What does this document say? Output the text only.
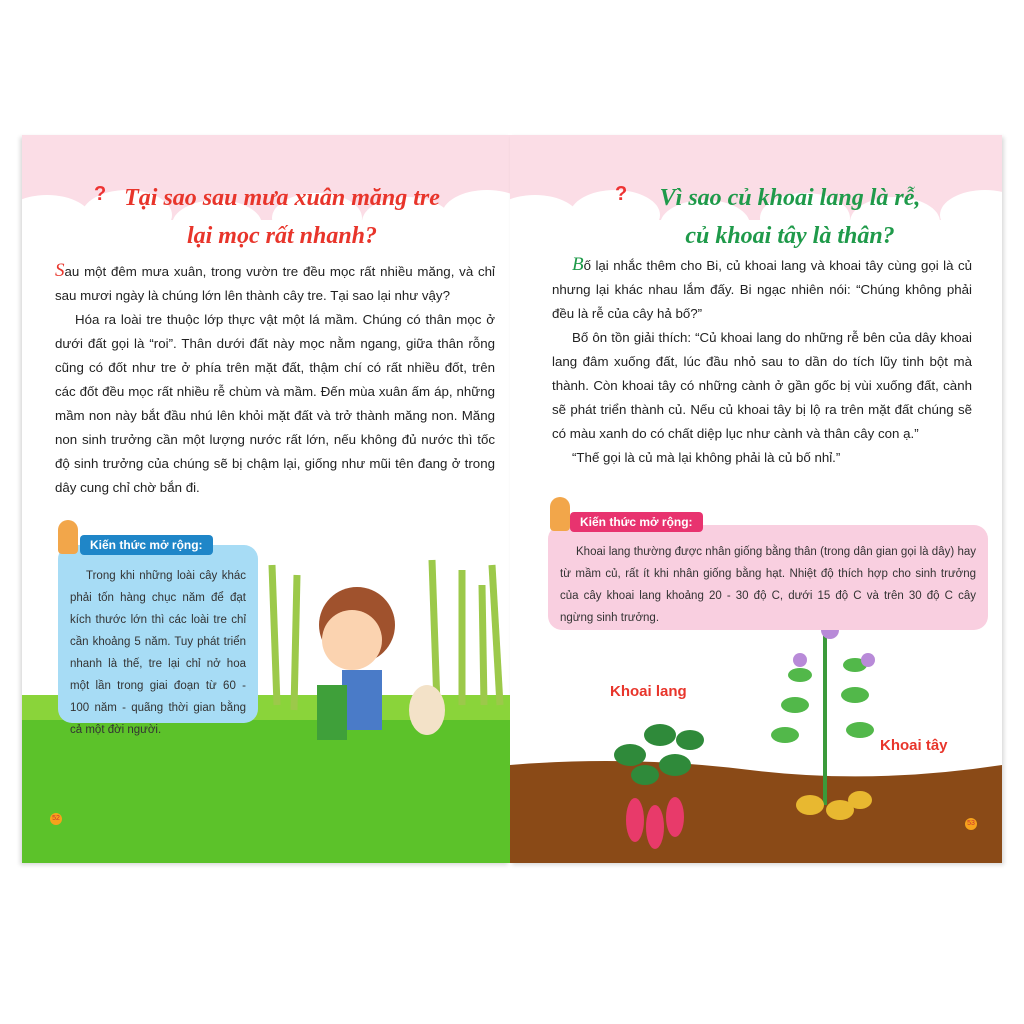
? Tại sao sau mưa xuân măng tre
lại mọc rất nhanh?

Sau một đêm mưa xuân, trong vườn tre đều mọc rất nhiều măng, và chỉ sau mươi ngày là chúng lớn lên thành cây tre. Tại sao lại như vậy?

Hóa ra loài tre thuộc lớp thực vật một lá mầm. Chúng có thân mọc ở dưới đất gọi là “roi”. Thân dưới đất này mọc nằm ngang, giữa thân rỗng cũng có đốt như tre ở phía trên mặt đất, thậm chí có rất nhiều đốt, trên các đốt đều mọc rất nhiều rễ chùm và mầm. Đến mùa xuân ấm áp, những mầm non này bắt đầu nhú lên khỏi mặt đất và trở thành măng non. Măng non sinh trưởng cần một lượng nước rất lớn, nếu không đủ nước thì tốc độ sinh trưởng của chúng sẽ bị chậm lại, giống như mũi tên đang ở trong dây cung chỉ chờ bắn đi.

Trong khi những loài cây khác phải tốn hàng chục năm để đạt kích thước lớn thì các loài tre chỉ cần khoảng 5 năm. Tuy phát triển nhanh là thế, tre lại chỉ nở hoa một lần trong giai đoạn từ 60 - 100 năm - quãng thời gian bằng cả một đời người.

Kiến thức mở rộng:
52
?	Vì sao củ khoai lang là rễ,
củ khoai tây là thân?

Bố lại nhắc thêm cho Bi, củ khoai lang và khoai tây cùng gọi là củ nhưng lại khác nhau lắm đấy. Bi ngạc nhiên nói: “Chúng không phải đều là rễ của cây hả bố?”

Bố ôn tồn giải thích: “Củ khoai lang do những rễ bên của dây khoai lang đâm xuống đất, lúc đầu nhỏ sau to dần do tích lũy tinh bột mà thành. Còn khoai tây có những cành ở gần gốc bị vùi xuống đất, cành sẽ phát triển thành củ. Nếu củ khoai tây bị lộ ra trên mặt đất chúng sẽ có màu xanh do có chất diệp lục như cành và thân cây con ạ.”

“Thế gọi là củ mà lại không phải là củ bố nhỉ.”

Khoai lang thường được nhân giống bằng thân (trong dân gian gọi là dây) hay từ mầm củ, rất ít khi nhân giống bằng hạt. Nhiệt độ thích hợp cho sinh trưởng của cây khoai lang khoảng 20 - 30 độ C, dưới 15 độ C và trên 30 độ C cây ngừng sinh trưởng.

Kiến thức mở rộng:
Khoai lang
Khoai tây
53
